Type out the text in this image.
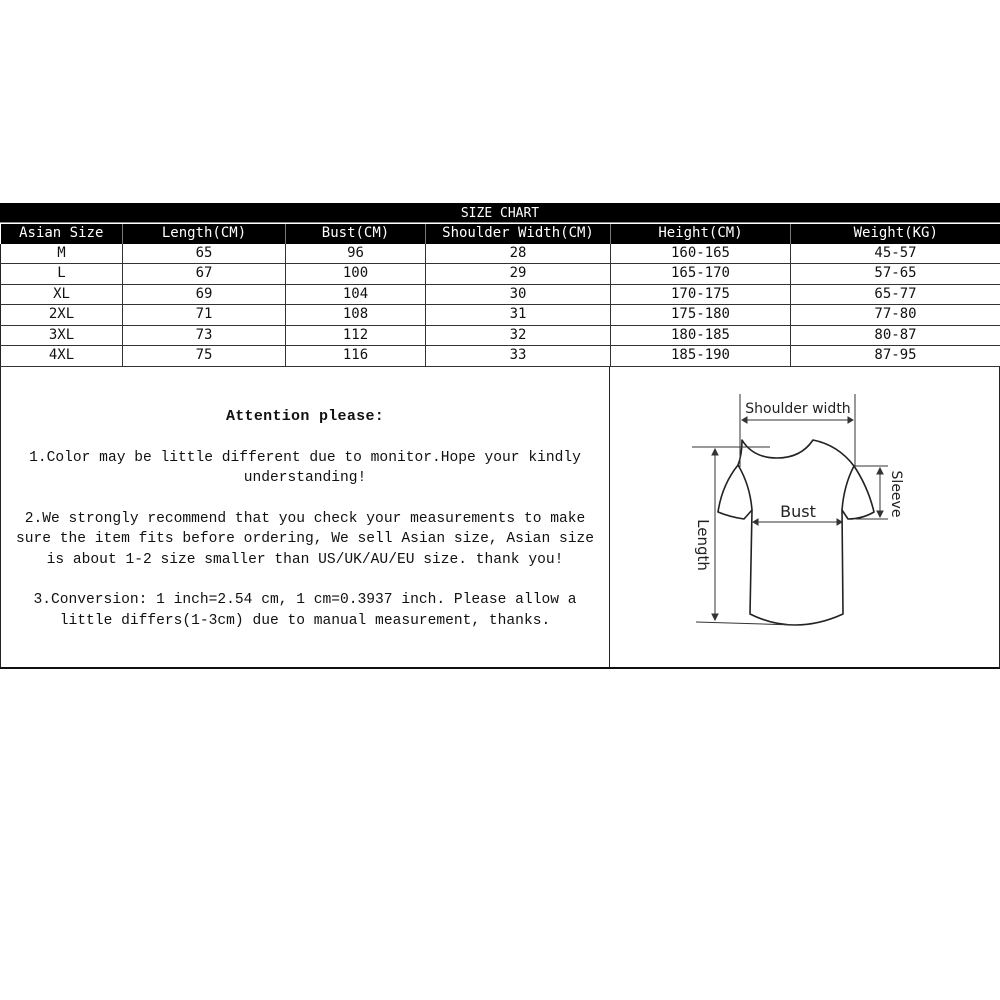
SIZE CHART
Asian Size	Length(CM)	Bust(CM)	Shoulder Width(CM)	Height(CM)	Weight(KG)
M	65	96	28	160-165	45-57
L	67	100	29	165-170	57-65
XL	69	104	30	170-175	65-77
2XL	71	108	31	175-180	77-80
3XL	73	112	32	180-185	80-87
4XL	75	116	33	185-190	87-95
Attention please:

1.Color may be little different due to monitor.Hope your kindly understanding!

2.We strongly recommend that you check your measurements to make sure the item fits before ordering, We sell Asian size, Asian size is about 1-2 size smaller than US/UK/AU/EU size. thank you!

3.Conversion: 1 inch=2.54 cm, 1 cm=0.3937 inch. Please allow a little differs(1-3cm) due to manual measurement, thanks.

Shoulder width
Bust	Sleeve
Length
